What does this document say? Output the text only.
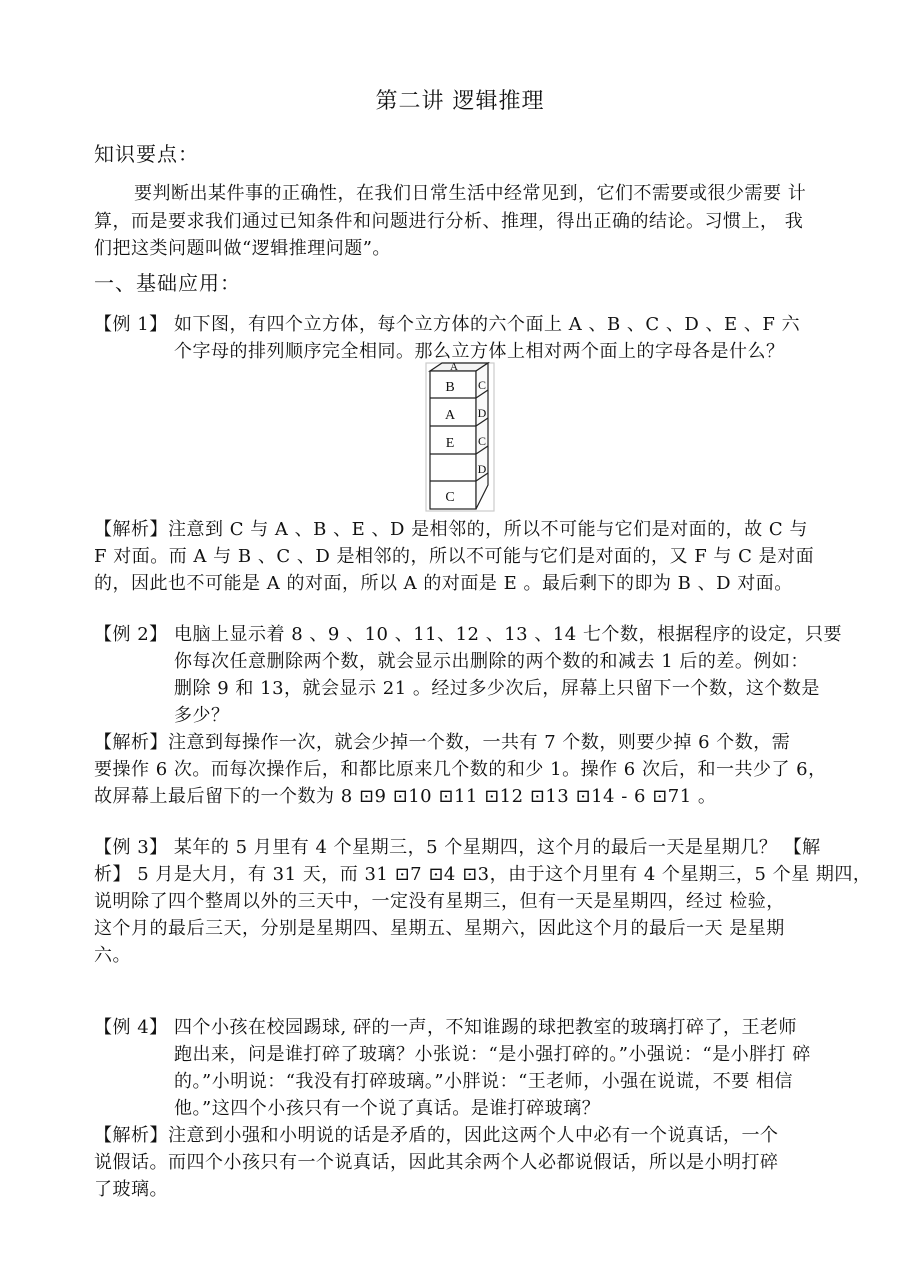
第二讲 逻辑推理
知识要点：
要判断出某件事的正确性，在我们日常生活中经常见到，它们不需要或很少需要 计
算，而是要求我们通过已知条件和问题进行分析、推理，得出正确的结论。习惯上， 我
们把这类问题叫做“逻辑推理问题”。
一、基础应用：
【例 1】 如下图，有四个立方体，每个立方体的六个面上 A 、B 、C 、D 、E 、F 六
个字母的排列顺序完全相同。那么立方体上相对两个面上的字母各是什么？
A
B
A
E
C
C
D
C
D
【解析】注意到 C 与 A 、B 、E 、D 是相邻的，所以不可能与它们是对面的，故 C 与
F 对面。而 A 与 B 、C 、D 是相邻的，所以不可能与它们是对面的，又 F 与 C 是对面
的，因此也不可能是 A 的对面，所以 A 的对面是 E 。最后剩下的即为 B 、D 对面。
【例 2】 电脑上显示着 8 、9 、10 、11、12 、13 、14 七个数，根据程序的设定，只要
你每次任意删除两个数，就会显示出删除的两个数的和减去 1 后的差。例如：
删除 9 和 13，就会显示 21 。经过多少次后，屏幕上只留下一个数，这个数是
多少？
【解析】注意到每操作一次，就会少掉一个数，一共有 7 个数，则要少掉 6 个数，需
要操作 6 次。而每次操作后，和都比原来几个数的和少 1。操作 6 次后，和一共少了 6，
故屏幕上最后留下的一个数为 8 ⊡9 ⊡10 ⊡11 ⊡12 ⊡13 ⊡14 - 6 ⊡71 。
【例 3】 某年的 5 月里有 4 个星期三，5 个星期四，这个月的最后一天是星期几？ 【解
析】 5 月是大月，有 31 天，而 31 ⊡7 ⊡4 ⊡3，由于这个月里有 4 个星期三，5 个星 期四，
说明除了四个整周以外的三天中，一定没有星期三，但有一天是星期四，经过 检验，
这个月的最后三天，分别是星期四、星期五、星期六，因此这个月的最后一天 是星期
六。
【例 4】 四个小孩在校园踢球, 砰的一声，不知谁踢的球把教室的玻璃打碎了，王老师
跑出来，问是谁打碎了玻璃？小张说：“是小强打碎的。”小强说：“是小胖打 碎
的。”小明说：“我没有打碎玻璃。”小胖说：“王老师，小强在说谎，不要 相信
他。”这四个小孩只有一个说了真话。是谁打碎玻璃？
【解析】注意到小强和小明说的话是矛盾的，因此这两个人中必有一个说真话，一个
说假话。而四个小孩只有一个说真话，因此其余两个人必都说假话，所以是小明打碎
了玻璃。
